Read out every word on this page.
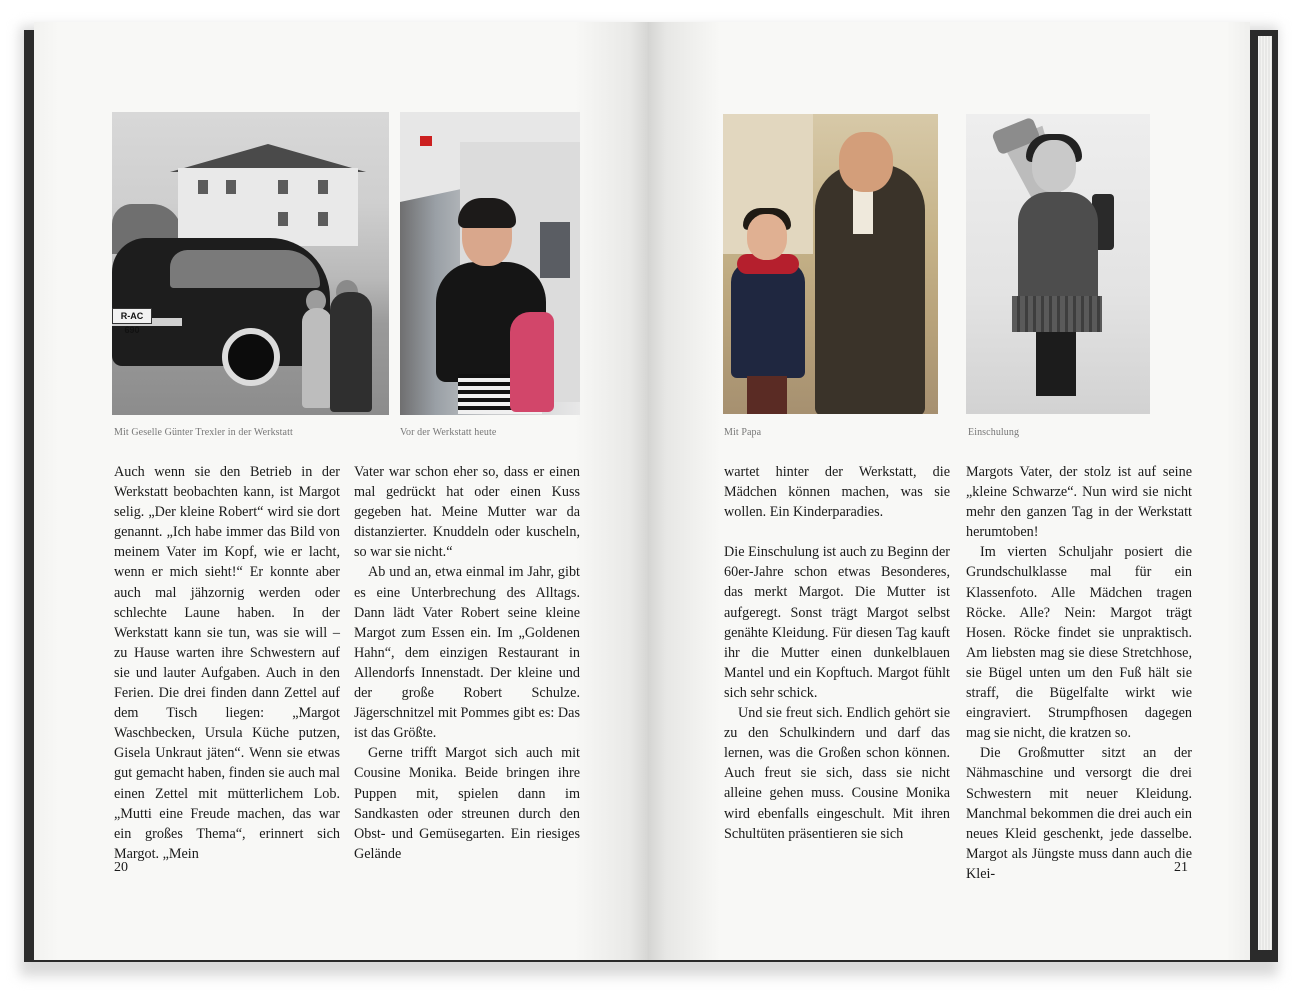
R-AC 690
Mit Geselle Günter Trexler in der Werkstatt	Vor der Werkstatt heute

Auch wenn sie den Betrieb in der Werkstatt beobachten kann, ist Margot selig. „Der kleine Robert“ wird sie dort genannt. „Ich habe immer das Bild von meinem Vater im Kopf, wie er lacht, wenn er mich sieht!“ Er konnte aber auch mal jähzornig werden oder schlechte Laune haben. In der Werkstatt kann sie tun, was sie will – zu Hause warten ihre Schwestern auf sie und lauter Aufgaben. Auch in den Ferien. Die drei finden dann Zettel auf dem Tisch liegen: „Margot Waschbecken, Ursula Küche putzen, Gisela Unkraut jäten“. Wenn sie etwas gut gemacht haben, finden sie auch mal einen Zettel mit mütterlichem Lob. „Mutti eine Freude machen, das war ein großes Thema“, erinnert sich Margot. „Mein

Vater war schon eher so, dass er einen mal gedrückt hat oder einen Kuss gegeben hat. Meine Mutter war da distanzierter. Knuddeln oder kuscheln, so war sie nicht.“

Ab und an, etwa einmal im Jahr, gibt es eine Unterbrechung des Alltags. Dann lädt Vater Robert seine kleine Margot zum Essen ein. Im „Goldenen Hahn“, dem einzigen Restaurant in Allendorfs Innenstadt. Der kleine und der große Robert Schulze. Jägerschnitzel mit Pommes gibt es: Das ist das Größte.

Gerne trifft Margot sich auch mit Cousine Monika. Beide bringen ihre Puppen mit, spielen dann im Sandkasten oder streunen durch den Obst- und Gemüsegarten. Ein riesiges Gelände

20
Mit Papa	Einschulung

wartet hinter der Werkstatt, die Mädchen können machen, was sie wollen. Ein Kinderparadies.

Die Einschulung ist auch zu Beginn der 60er-Jahre schon etwas Besonderes, das merkt Margot. Die Mutter ist aufgeregt. Sonst trägt Margot selbst genähte Kleidung. Für diesen Tag kauft ihr die Mutter einen dunkelblauen Mantel und ein Kopftuch. Margot fühlt sich sehr schick.

Und sie freut sich. Endlich gehört sie zu den Schulkindern und darf das lernen, was die Großen schon können. Auch freut sie sich, dass sie nicht alleine gehen muss. Cousine Monika wird ebenfalls eingeschult. Mit ihren Schultüten präsentieren sie sich

Margots Vater, der stolz ist auf seine „kleine Schwarze“. Nun wird sie nicht mehr den ganzen Tag in der Werkstatt herumtoben!

Im vierten Schuljahr posiert die Grundschulklasse mal für ein Klassenfoto. Alle Mädchen tragen Röcke. Alle? Nein: Margot trägt Hosen. Röcke findet sie unpraktisch. Am liebsten mag sie diese Stretchhose, sie Bügel unten um den Fuß hält sie straff, die Bügelfalte wirkt wie eingraviert. Strumpfhosen dagegen mag sie nicht, die kratzen so.

Die Großmutter sitzt an der Nähmaschine und versorgt die drei Schwestern mit neuer Kleidung. Manchmal bekommen die drei auch ein neues Kleid geschenkt, jede dasselbe. Margot als Jüngste muss dann auch die Klei-	21
